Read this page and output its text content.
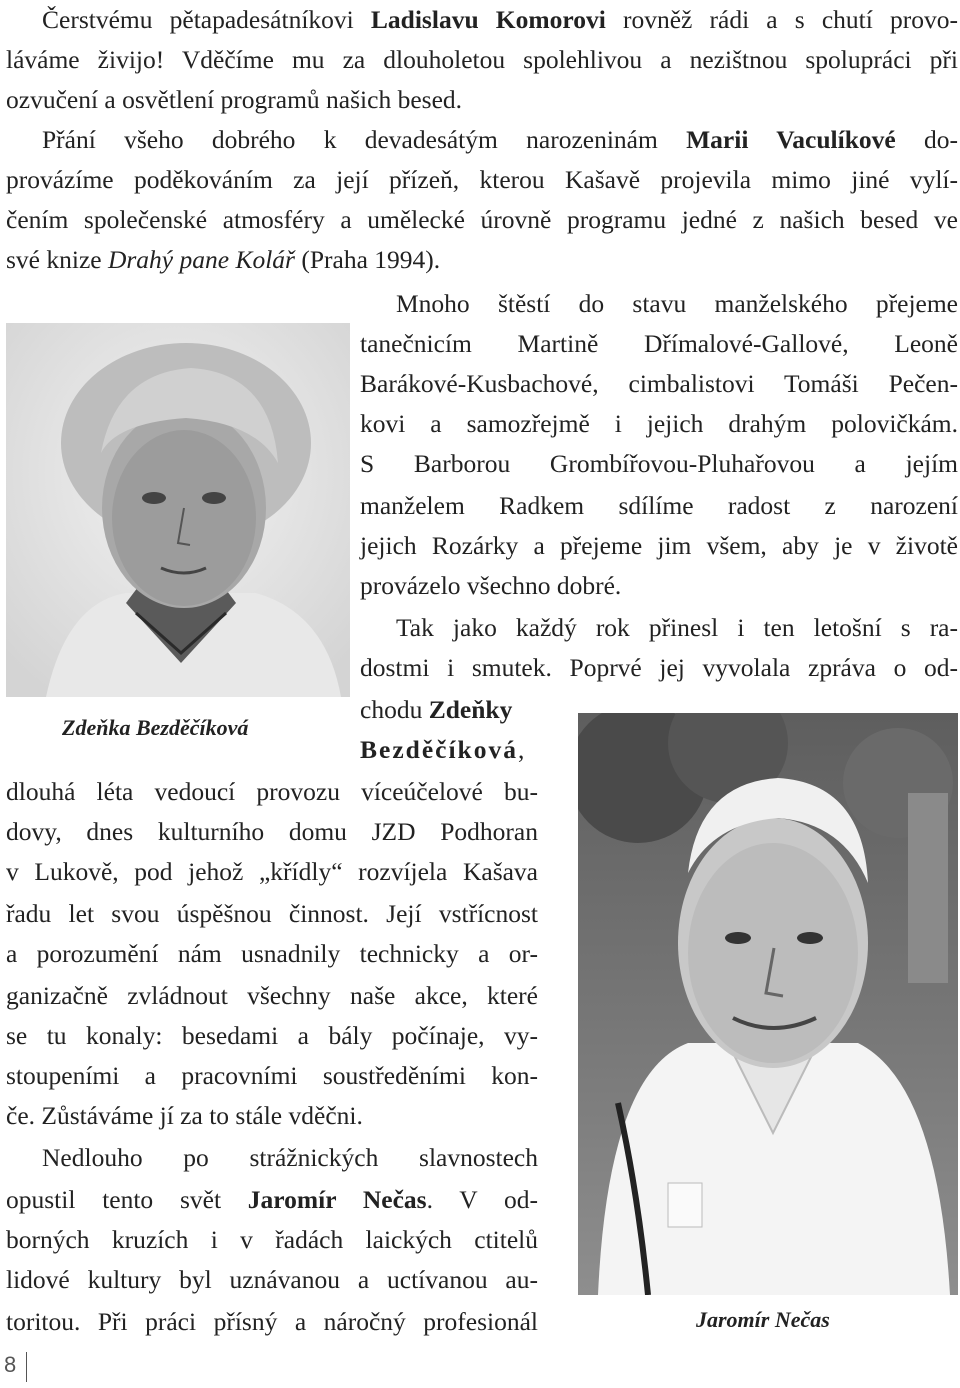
Čerstvému pětapadesátníkovi Ladislavu Komorovi rovněž rádi a s chutí provo-

láváme živijo! Vděčíme mu za dlouholetou spolehlivou a nezištnou spolupráci při

ozvučení a osvětlení programů našich besed.

Přání všeho dobrého k devadesátým narozeninám Marii Vaculíkové do-

provázíme poděkováním za její přízeň, kterou Kašavě projevila mimo jiné vylí-

čením společenské atmosféry a umělecké úrovně programu jedné z našich besed ve

své knize Drahý pane Kolář (Praha 1994).

Zdeňka Bezděčíková

Mnoho štěstí do stavu manželského přejeme

tanečnicím Martině Dřímalové-Gallové, Leoně

Barákové-Kusbachové, cimbalistovi Tomáši Pečen-

kovi a samozřejmě i jejich drahým polovičkám.

S Barborou Grombířovou-Pluhařovou a jejím

manželem Radkem sdílíme radost z narození

jejich Rozárky a přejeme jim všem, aby je v životě

provázelo všechno dobré.

Tak jako každý rok přinesl i ten letošní s ra-

dostmi i smutek. Poprvé jej vyvolala zpráva o od-

chodu Zdeňky

Bezděčíková,

dlouhá léta vedoucí provozu víceúčelové bu-

dovy, dnes kulturního domu JZD Podhoran

v Lukově, pod jehož „křídly“ rozvíjela Kašava

řadu let svou úspěšnou činnost. Její vstřícnost

a porozumění nám usnadnily technicky a or-

ganizačně zvládnout všechny naše akce, které

se tu konaly: besedami a bály počínaje, vy-

stoupeními a pracovními soustředěními kon-

če. Zůstáváme jí za to stále vděčni.

Nedlouho po strážnických slavnostech

opustil tento svět Jaromír Nečas. V od-

borných kruzích i v řadách laických ctitelů

lidové kultury byl uznávanou a uctívanou au-

toritou. Při práci přísný a náročný profesionál	Jaromír Nečas
8
